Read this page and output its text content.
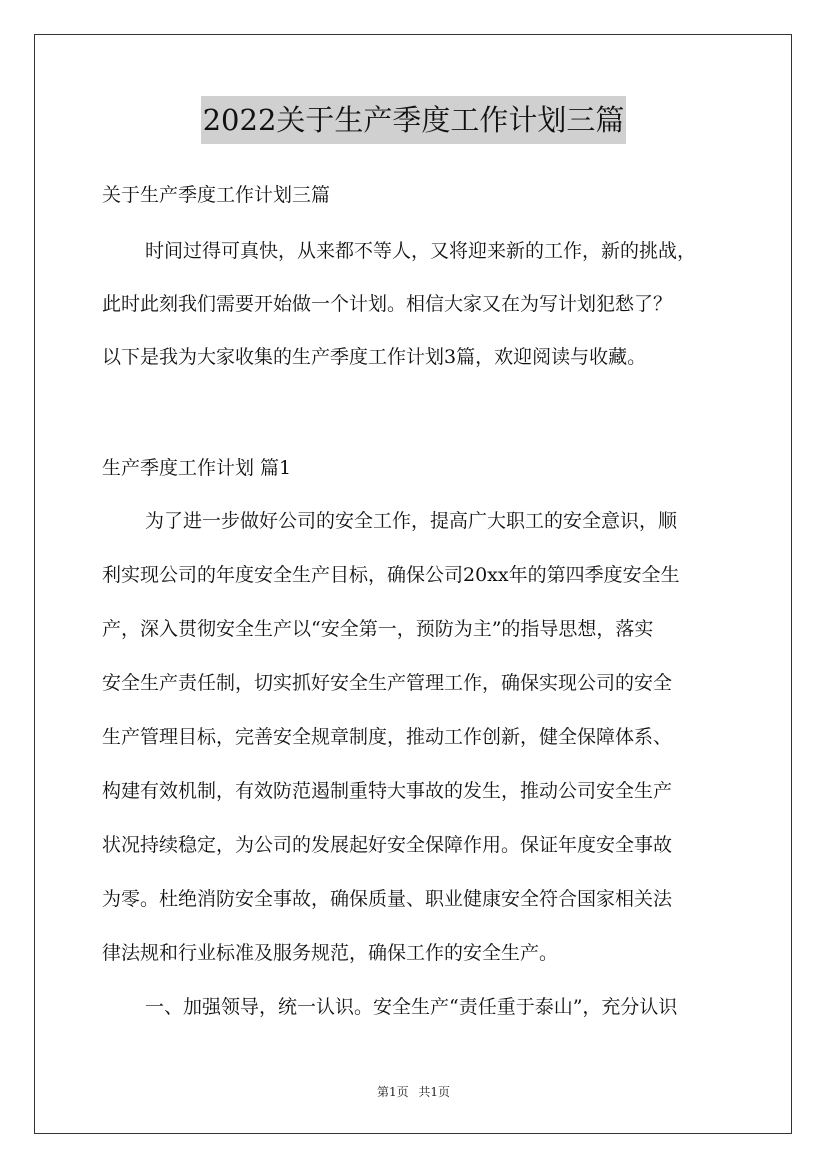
2022关于生产季度工作计划三篇
关于生产季度工作计划三篇
时间过得可真快，从来都不等人，又将迎来新的工作，新的挑战，
此时此刻我们需要开始做一个计划。相信大家又在为写计划犯愁了？
以下是我为大家收集的生产季度工作计划3篇，欢迎阅读与收藏。
生产季度工作计划 篇1
为了进一步做好公司的安全工作，提高广大职工的安全意识，顺
利实现公司的年度安全生产目标，确保公司20xx年的第四季度安全生
产，深入贯彻安全生产以“安全第一，预防为主”的指导思想，落实
安全生产责任制，切实抓好安全生产管理工作，确保实现公司的安全
生产管理目标，完善安全规章制度，推动工作创新，健全保障体系、
构建有效机制，有效防范遏制重特大事故的发生，推动公司安全生产
状况持续稳定，为公司的发展起好安全保障作用。保证年度安全事故
为零。杜绝消防安全事故，确保质量、职业健康安全符合国家相关法
律法规和行业标准及服务规范，确保工作的安全生产。
一、加强领导，统一认识。安全生产“责任重于泰山”，充分认识
第1页 共1页
